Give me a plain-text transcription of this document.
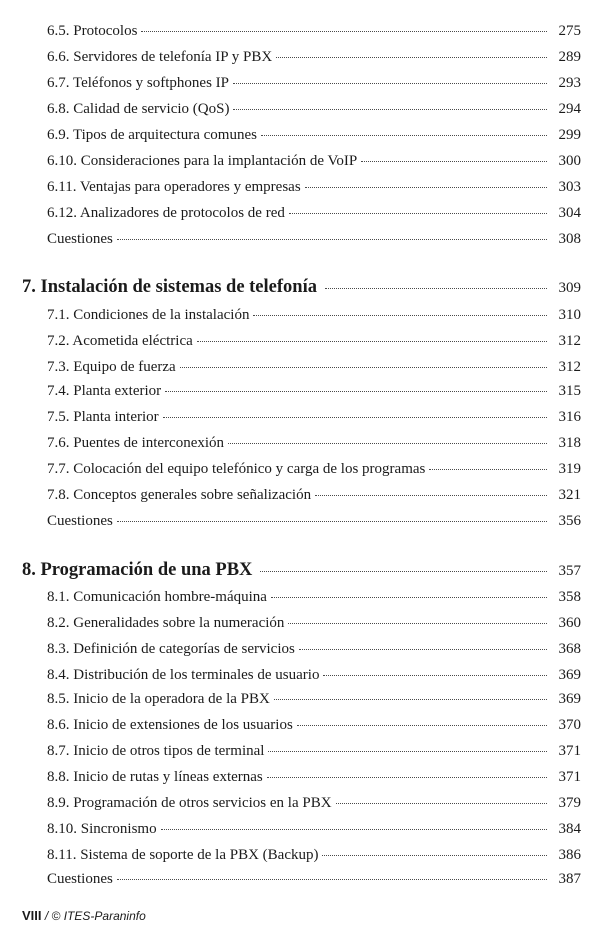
6.5. Protocolos	275
6.6. Servidores de telefonía IP y PBX	289
6.7. Teléfonos y softphones IP	293
6.8. Calidad de servicio (QoS)	294
6.9. Tipos de arquitectura comunes	299
6.10. Consideraciones para la implantación de VoIP	300
6.11. Ventajas para operadores y empresas	303
6.12. Analizadores de protocolos de red	304
Cuestiones	308
7. Instalación de sistemas de telefonía	309
7.1. Condiciones de la instalación	310
7.2. Acometida eléctrica	312
7.3. Equipo de fuerza	312
7.4. Planta exterior	315
7.5. Planta interior	316
7.6. Puentes de interconexión	318
7.7. Colocación del equipo telefónico y carga de los programas	319
7.8. Conceptos generales sobre señalización	321
Cuestiones	356
8. Programación de una PBX	357
8.1. Comunicación hombre-máquina	358
8.2. Generalidades sobre la numeración	360
8.3. Definición de categorías de servicios	368
8.4. Distribución de los terminales de usuario	369
8.5. Inicio de la operadora de la PBX	369
8.6. Inicio de extensiones de los usuarios	370
8.7. Inicio de otros tipos de terminal	371
8.8. Inicio de rutas y líneas externas	371
8.9. Programación de otros servicios en la PBX	379
8.10. Sincronismo	384
8.11. Sistema de soporte de la PBX (Backup)	386
Cuestiones	387
VIII / © ITES-Paraninfo
